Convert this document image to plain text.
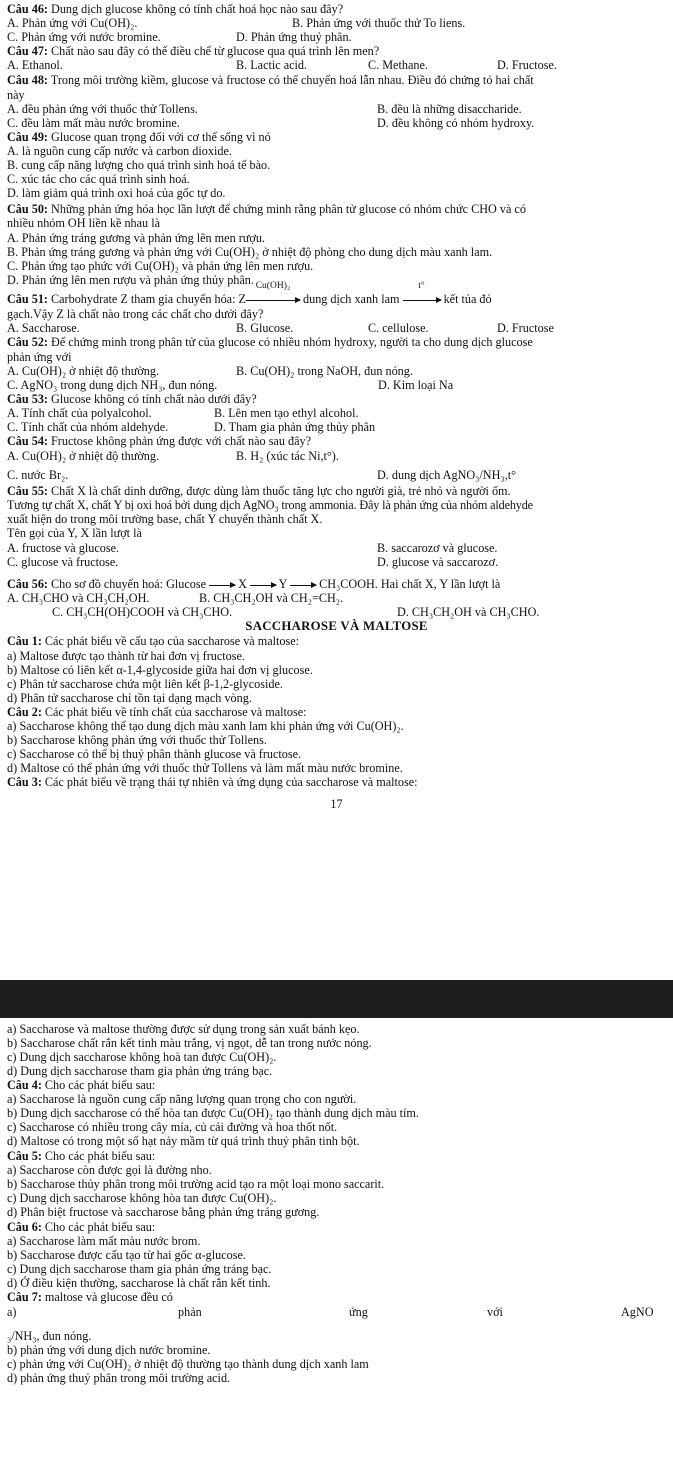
Câu 46: Dung dịch glucose không có tính chất hoá học nào sau đây?
A. Phản ứng với Cu(OH)₂.	B. Phản ứng với thuốc thử To liens.
C. Phản ứng với nước bromine.	D. Phản ứng thuỷ phân.
Câu 47: Chất nào sau đây có thể điều chế từ glucose qua quá trình lên men?
A. Ethanol.	B. Lactic acid.	C. Methane.	D. Fructose.
Câu 48: Trong môi trường kiềm, glucose và fructose có thể chuyển hoá lẫn nhau. Điều đó chứng tỏ hai chất
này
A. đều phản ứng với thuốc thử Tollens.	B. đều là những disaccharide.
C. đều làm mất màu nước bromine.	D. đều không có nhóm hydroxy.
Câu 49: Glucose quan trọng đối với cơ thể sống vì nó
A. là nguồn cung cấp nước và carbon dioxide.
B. cung cấp năng lượng cho quá trình sinh hoá tế bào.
C. xúc tác cho các quá trình sinh hoá.
D. làm giảm quá trình oxi hoá của gốc tự do.
Câu 50: Những phản ứng hóa học lần lượt để chứng minh rằng phân tử glucose có nhóm chức CHO và có
nhiều nhóm OH liền kề nhau là
A. Phản ứng tráng gương và phản ứng lên men rượu.
B. Phản ứng tráng gương và phản ứng với Cu(OH)₂ ở nhiệt độ phòng cho dung dịch màu xanh lam.
C. Phản ứng tạo phức với Cu(OH)₂ và phản ứng lên men rượu.
D. Phản ứng lên men rượu và phản ứng thủy phân.
Câu 51: Carbohydrate Z tham gia chuyển hóa: Z
Cu(OH)₂
dung dịch xanh lam
t°
kết tủa đỏ
gạch.Vậy Z là chất nào trong các chất cho dưới đây?
A. Saccharose.	B. Glucose.	C. cellulose.	D. Fructose
Câu 52: Để chứng minh trong phân tử của glucose có nhiều nhóm hydroxy, người ta cho dung dịch glucose
phản ứng với
A. Cu(OH)₂ ở nhiệt độ thường.	B. Cu(OH)₂ trong NaOH, đun nóng.
C. AgNO₃ trong dung dịch NH₃, đun nóng.	D. Kim loại Na
Câu 53: Glucose không có tính chất nào dưới đây?
A. Tính chất của polyalcohol.	B. Lên men tạo ethyl alcohol.
C. Tính chất của nhóm aldehyde.	D. Tham gia phản ứng thủy phân
Câu 54: Fructose không phản ứng được với chất nào sau đây?
A. Cu(OH)₂ ở nhiệt độ thường.	B. H₂ (xúc tác Ni,t°).
C. nước Br₂.	D. dung dịch AgNO₃/NH₃,t°
Câu 55: Chất X là chất dinh dưỡng, được dùng làm thuốc tăng lực cho người già, trẻ nhỏ và người ốm.
Tương tự chất X, chất Y bị oxi hoá bởi dung dịch AgNO₃ trong ammonia. Đây là phản ứng của nhóm aldehyde
xuất hiện do trong môi trường base, chất Y chuyển thành chất X.
Tên gọi của Y, X lần lượt là
A. fructose và glucose.	B. saccarozơ và glucose.
C. glucose và fructose.	D. glucose và saccarozơ.
Câu 56: Cho sơ đồ chuyển hoá: Glucose → X → Y → CH₃COOH. Hai chất X, Y lần lượt là
A. CH₃CHO và CH₃CH₂OH.	B. CH₃CH₂OH và CH₂=CH₂.
C. CH₃CH(OH)COOH và CH₃CHO.	D. CH₃CH₂OH và CH₃CHO.
SACCHAROSE VÀ MALTOSE
Câu 1: Các phát biểu về cấu tạo của saccharose và maltose:
a) Maltose được tạo thành từ hai đơn vị fructose.
b) Maltose có liên kết α-1,4-glycoside giữa hai đơn vị glucose.
c) Phân tử saccharose chứa một liên kết β-1,2-glycoside.
d) Phân tử saccharose chỉ tồn tại dạng mạch vòng.
Câu 2: Các phát biểu về tính chất của saccharose và maltose:
a) Saccharose không thể tạo dung dịch màu xanh lam khi phản ứng với Cu(OH)₂.
b) Saccharose không phản ứng với thuốc thử Tollens.
c) Saccharose có thể bị thuỷ phân thành glucose và fructose.
d) Maltose có thể phản ứng với thuốc thử Tollens và làm mất màu nước bromine.
Câu 3: Các phát biểu về trạng thái tự nhiên và ứng dụng của saccharose và maltose:
17
a) Saccharose và maltose thường được sử dụng trong sản xuất bánh kẹo.
b) Saccharose chất rắn kết tinh màu trắng, vị ngọt, dễ tan trong nước nóng.
c) Dung dịch saccharose không hoà tan được Cu(OH)₂.
d) Dung dịch saccharose tham gia phản ứng tráng bạc.
Câu 4: Cho các phát biểu sau:
a) Saccharose là nguồn cung cấp năng lượng quan trọng cho con người.
b) Dung dịch saccharose có thể hòa tan được Cu(OH)₂ tạo thành dung dịch màu tím.
c) Saccharose có nhiều trong cây mía, củ cải đường và hoa thốt nốt.
d) Maltose có trong một số hạt nảy mầm từ quá trình thuỷ phân tinh bột.
Câu 5: Cho các phát biểu sau:
a) Saccharose còn được gọi là đường nho.
b) Saccharose thủy phân trong môi trường acid tạo ra một loại mono saccarit.
c) Dung dịch saccharose không hòa tan được Cu(OH)₂.
d) Phân biệt fructose và saccharose bằng phản ứng tráng gương.
Câu 6: Cho các phát biểu sau:
a) Saccharose làm mất màu nước brom.
b) Saccharose được cấu tạo từ hai gốc α-glucose.
c) Dung dịch saccharose tham gia phản ứng tráng bạc.
d) Ở điều kiện thường, saccharose là chất rắn kết tinh.
Câu 7: maltose và glucose đều có
a)	phản	ứng	với	AgNO
₃/NH₃, đun nóng.
b) phản ứng với dung dịch nước bromine.
c) phản ứng với Cu(OH)₂ ở nhiệt độ thường tạo thành dung dịch xanh lam
d) phản ứng thuỷ phân trong môi trường acid.
